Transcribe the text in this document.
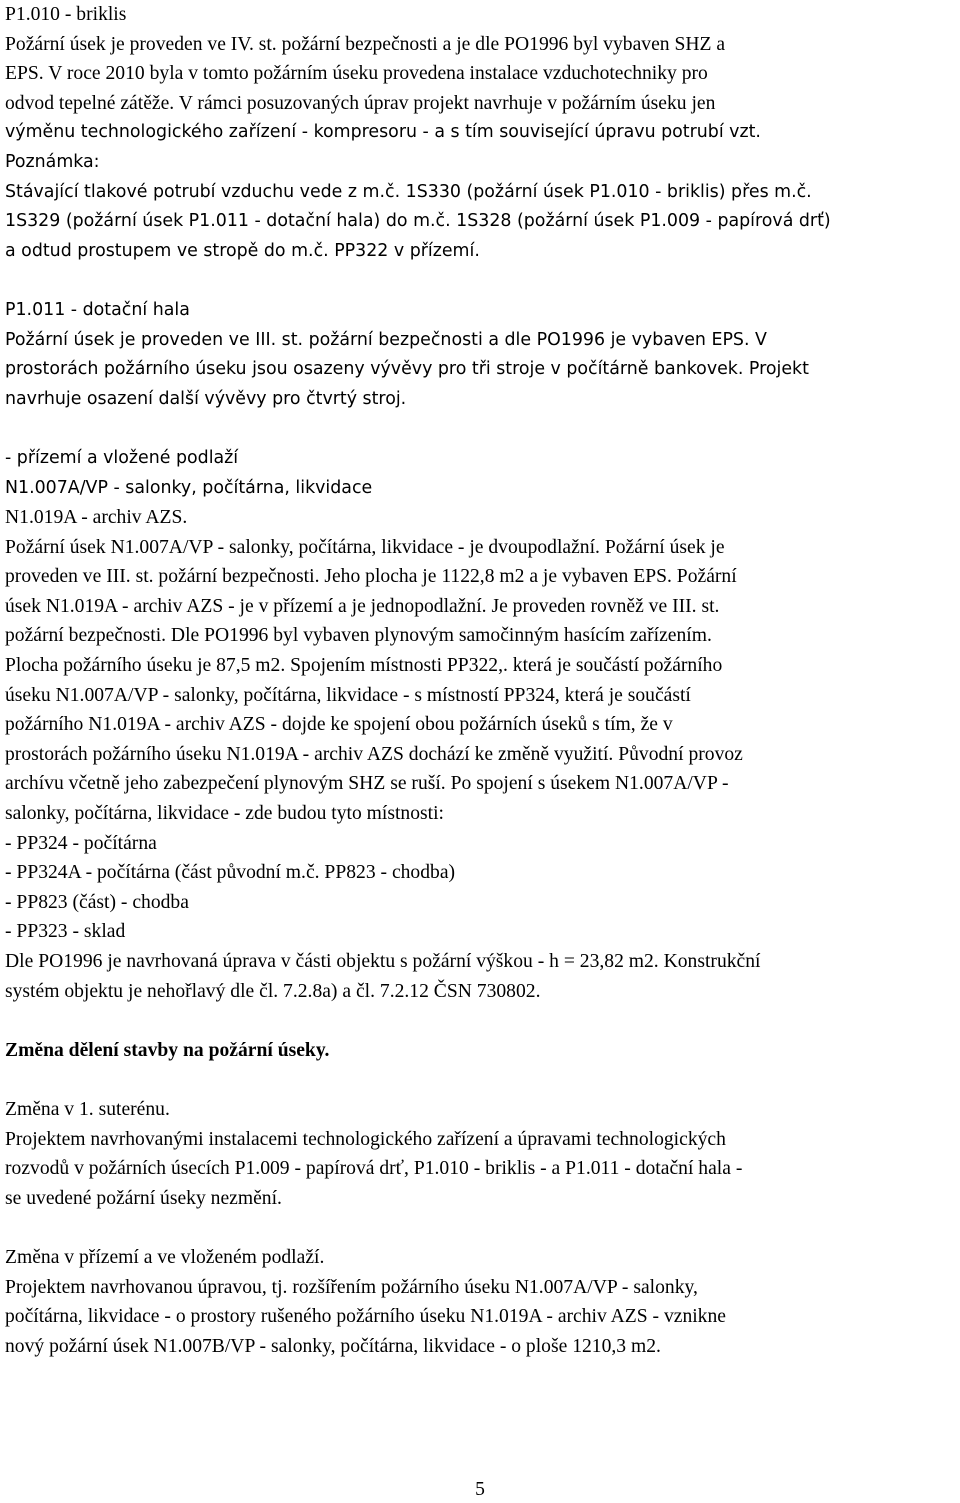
P1.010 - briklis
Požární úsek je proveden ve IV. st. požární bezpečnosti a je dle PO1996 byl vybaven SHZ a
EPS. V roce 2010 byla v tomto požárním úseku provedena instalace vzduchotechniky pro
odvod tepelné zátěže. V rámci posuzovaných úprav projekt navrhuje v požárním úseku jen
výměnu technologického zařízení - kompresoru - a s tím související úpravu potrubí vzt.
Poznámka:
Stávající tlakové potrubí vzduchu vede z m.č. 1S330 (požární úsek P1.010 - briklis) přes m.č.
1S329 (požární úsek P1.011 - dotační hala) do m.č. 1S328 (požární úsek P1.009 - papírová drť)
a odtud prostupem ve stropě do m.č. PP322 v přízemí.
P1.011 - dotační hala
Požární úsek je proveden ve III. st. požární bezpečnosti a dle PO1996 je vybaven EPS. V
prostorách požárního úseku jsou osazeny vývěvy pro tři stroje v počítárně bankovek. Projekt
navrhuje osazení další vývěvy pro čtvrtý stroj.
- přízemí a vložené podlaží
N1.007A/VP - salonky, počítárna, likvidace
N1.019A - archiv AZS.
Požární úsek N1.007A/VP - salonky, počítárna, likvidace - je dvoupodlažní. Požární úsek je
proveden ve III. st. požární bezpečnosti. Jeho plocha je 1122,8 m2 a je vybaven EPS. Požární
úsek N1.019A - archiv AZS - je v přízemí a je jednopodlažní. Je proveden rovněž ve III. st.
požární bezpečnosti. Dle PO1996 byl vybaven plynovým samočinným hasícím zařízením.
Plocha požárního úseku je 87,5 m2. Spojením místnosti PP322,. která je součástí požárního
úseku N1.007A/VP - salonky, počítárna, likvidace - s místností PP324, která je součástí
požárního N1.019A - archiv AZS - dojde ke spojení obou požárních úseků s tím, že v
prostorách požárního úseku N1.019A - archiv AZS dochází ke změně využití. Původní provoz
archívu včetně jeho zabezpečení plynovým SHZ se ruší. Po spojení s úsekem N1.007A/VP -
salonky, počítárna, likvidace - zde budou tyto místnosti:
- PP324 - počítárna
- PP324A - počítárna (část původní m.č. PP823 - chodba)
- PP823 (část) - chodba
- PP323 - sklad
Dle PO1996 je navrhovaná úprava v části objektu s požární výškou - h = 23,82 m2. Konstrukční
systém objektu je nehořlavý dle čl. 7.2.8a) a čl. 7.2.12 ČSN 730802.
Změna dělení stavby na požární úseky.
Změna v 1. suterénu.
Projektem navrhovanými instalacemi technologického zařízení a úpravami technologických
rozvodů v požárních úsecích P1.009 - papírová drť, P1.010 - briklis - a P1.011 - dotační hala -
se uvedené požární úseky nezmění.
Změna v přízemí a ve vloženém podlaží.
Projektem navrhovanou úpravou, tj. rozšířením požárního úseku N1.007A/VP - salonky,
počítárna, likvidace - o prostory rušeného požárního úseku N1.019A - archiv AZS - vznikne
nový požární úsek N1.007B/VP - salonky, počítárna, likvidace - o ploše 1210,3 m2.
5
